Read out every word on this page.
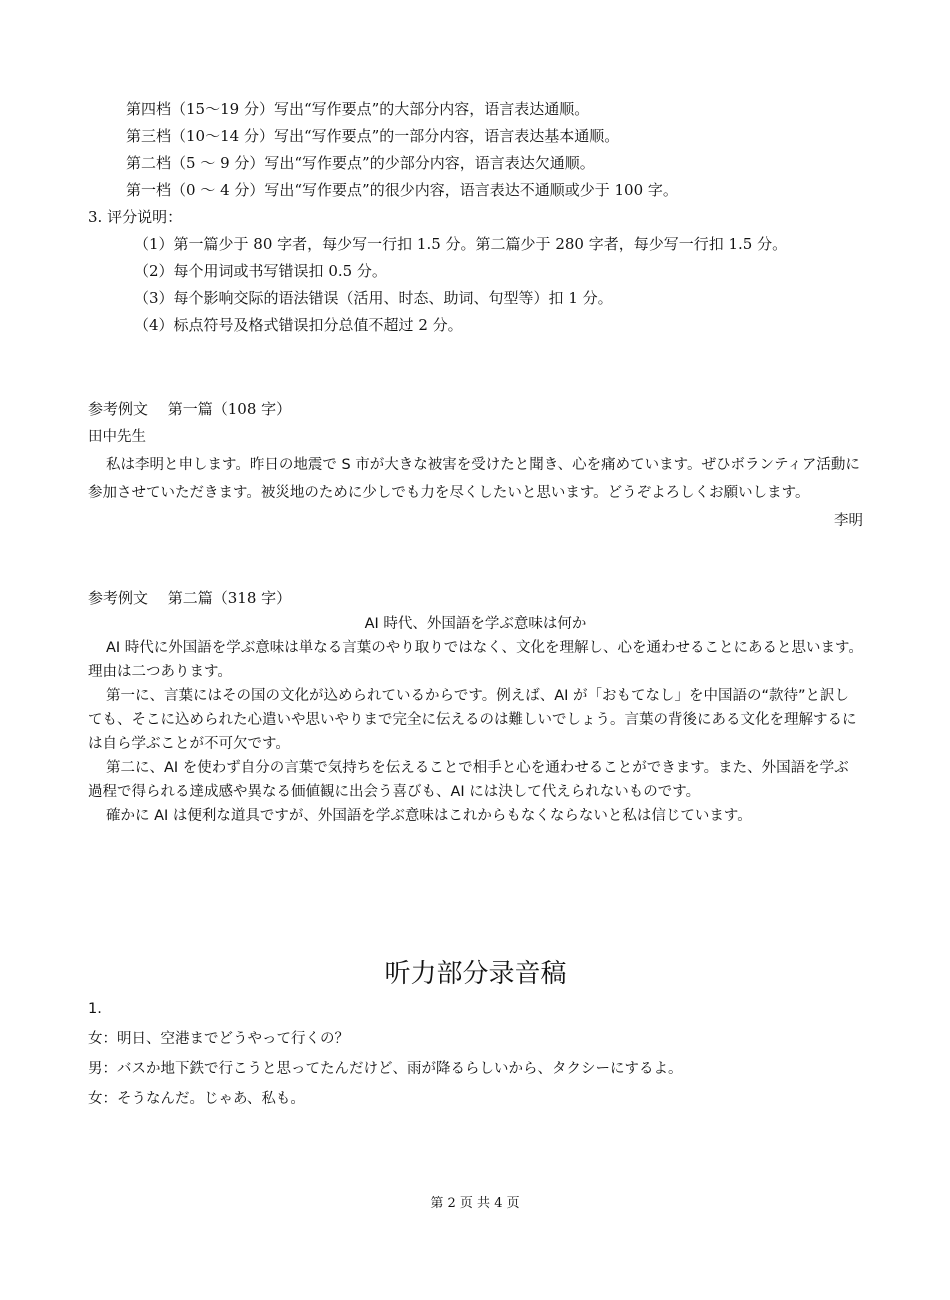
第四档（15～19 分）写出“写作要点”的大部分内容，语言表达通顺。

第三档（10～14 分）写出“写作要点”的一部分内容，语言表达基本通顺。

第二档（5 ～ 9 分）写出“写作要点”的少部分内容，语言表达欠通顺。

第一档（0 ～ 4 分）写出“写作要点”的很少内容，语言表达不通顺或少于 100 字。

3. 评分说明：

（1）第一篇少于 80 字者，每少写一行扣 1.5 分。第二篇少于 280 字者，每少写一行扣 1.5 分。

（2）每个用词或书写错误扣 0.5 分。

（3）每个影响交际的语法错误（活用、时态、助词、句型等）扣 1 分。

（4）标点符号及格式错误扣分总值不超过 2 分。

参考例文　 第一篇（108 字）

田中先生

私は李明と申します。昨日の地震で S 市が大きな被害を受けたと聞き、心を痛めています。ぜひボランティア活動に参加させていただきます。被災地のために少しでも力を尽くしたいと思います。どうぞよろしくお願いします。

李明

参考例文　 第二篇（318 字）

AI 時代、外国語を学ぶ意味は何か

AI 時代に外国語を学ぶ意味は単なる言葉のやり取りではなく、文化を理解し、心を通わせることにあると思います。理由は二つあります。

第一に、言葉にはその国の文化が込められているからです。例えば、AI が「おもてなし」を中国語の“款待”と訳しても、そこに込められた心遣いや思いやりまで完全に伝えるのは難しいでしょう。言葉の背後にある文化を理解するには自ら学ぶことが不可欠です。

第二に、AI を使わず自分の言葉で気持ちを伝えることで相手と心を通わせることができます。また、外国語を学ぶ過程で得られる達成感や異なる価値観に出会う喜びも、AI には決して代えられないものです。

確かに AI は便利な道具ですが、外国語を学ぶ意味はこれからもなくならないと私は信じています。

听力部分录音稿

1.

女：明日、空港までどうやって行くの？

男：バスか地下鉄で行こうと思ってたんだけど、雨が降るらしいから、タクシーにするよ。

女：そうなんだ。じゃあ、私も。

第 2 页 共 4 页
